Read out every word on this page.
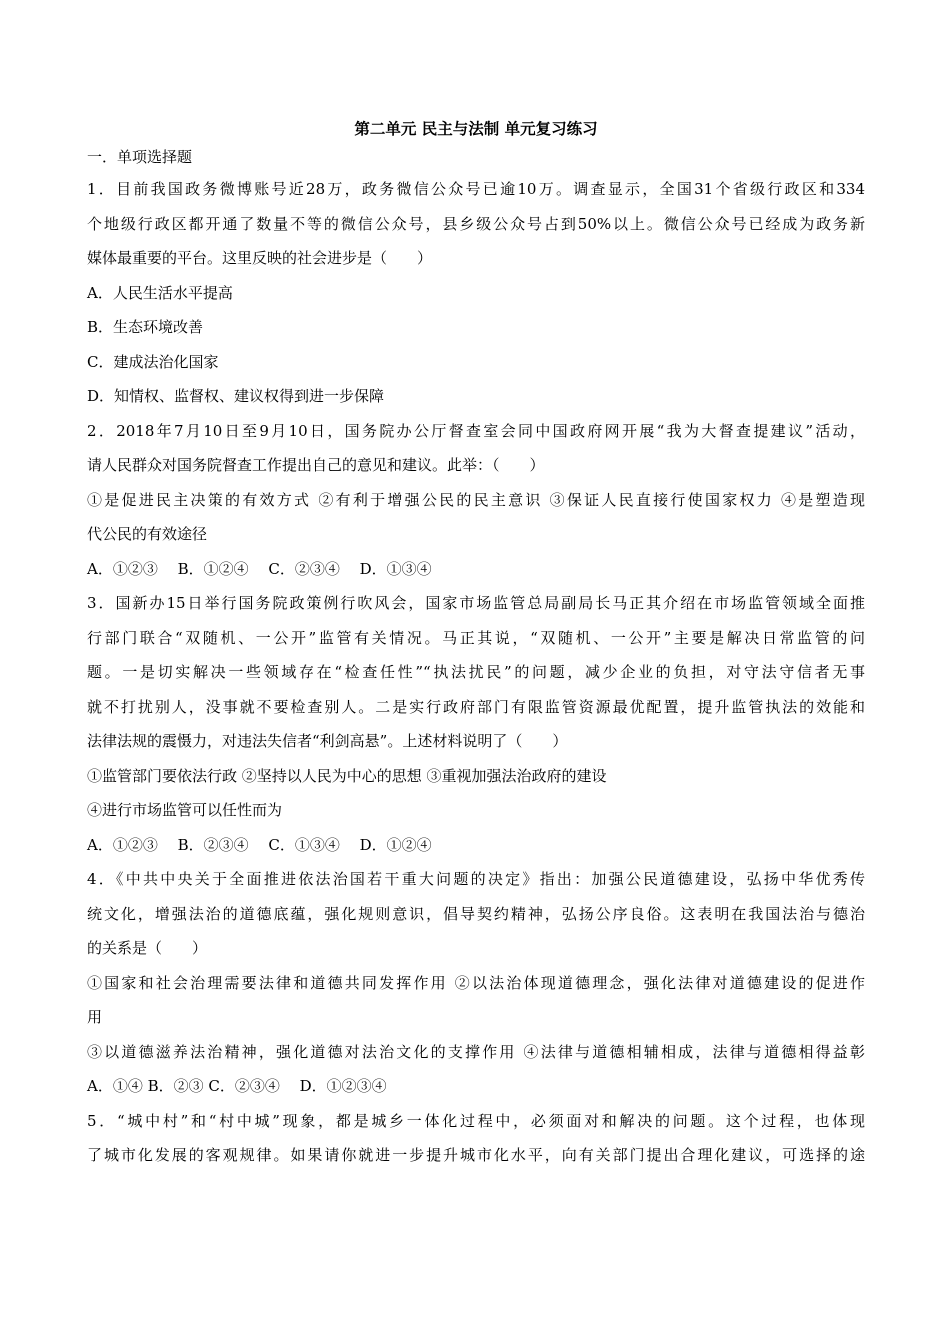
第二单元 民主与法制 单元复习练习

一．单项选择题

1．目前我国政务微博账号近28万，政务微信公众号已逾10万。调查显示，全国31个省级行政区和334

个地级行政区都开通了数量不等的微信公众号，县乡级公众号占到50%以上。微信公众号已经成为政务新

媒体最重要的平台。这里反映的社会进步是（　　）

A．人民生活水平提高

B．生态环境改善

C．建成法治化国家

D．知情权、监督权、建议权得到进一步保障

2．2018年7月10日至9月10日，国务院办公厅督查室会同中国政府网开展“我为大督查提建议”活动，

请人民群众对国务院督查工作提出自己的意见和建议。此举：（　　）

①是促进民主决策的有效方式 ②有利于增强公民的民主意识 ③保证人民直接行使国家权力 ④是塑造现

代公民的有效途径

A．①②③　 B．①②④　 C．②③④　 D．①③④

3．国新办15日举行国务院政策例行吹风会，国家市场监管总局副局长马正其介绍在市场监管领域全面推

行部门联合“双随机、一公开”监管有关情况。马正其说，“双随机、一公开”主要是解决日常监管的问

题。一是切实解决一些领域存在“检查任性”“执法扰民”的问题，减少企业的负担，对守法守信者无事

就不打扰别人，没事就不要检查别人。二是实行政府部门有限监管资源最优配置，提升监管执法的效能和

法律法规的震慑力，对违法失信者“利剑高悬”。上述材料说明了（　　）

①监管部门要依法行政 ②坚持以人民为中心的思想 ③重视加强法治政府的建设

④进行市场监管可以任性而为

A．①②③　 B．②③④　 C．①③④　 D．①②④

4．《中共中央关于全面推进依法治国若干重大问题的决定》指出：加强公民道德建设，弘扬中华优秀传

统文化，增强法治的道德底蕴，强化规则意识，倡导契约精神，弘扬公序良俗。这表明在我国法治与德治

的关系是（　　）

①国家和社会治理需要法律和道德共同发挥作用 ②以法治体现道德理念，强化法律对道德建设的促进作

用

③以道德滋养法治精神，强化道德对法治文化的支撑作用 ④法律与道德相辅相成，法律与道德相得益彰

A．①④ B．②③ C．②③④　 D．①②③④

5．“城中村”和“村中城”现象，都是城乡一体化过程中，必须面对和解决的问题。这个过程，也体现

了城市化发展的客观规律。如果请你就进一步提升城市化水平，向有关部门提出合理化建议，可选择的途
